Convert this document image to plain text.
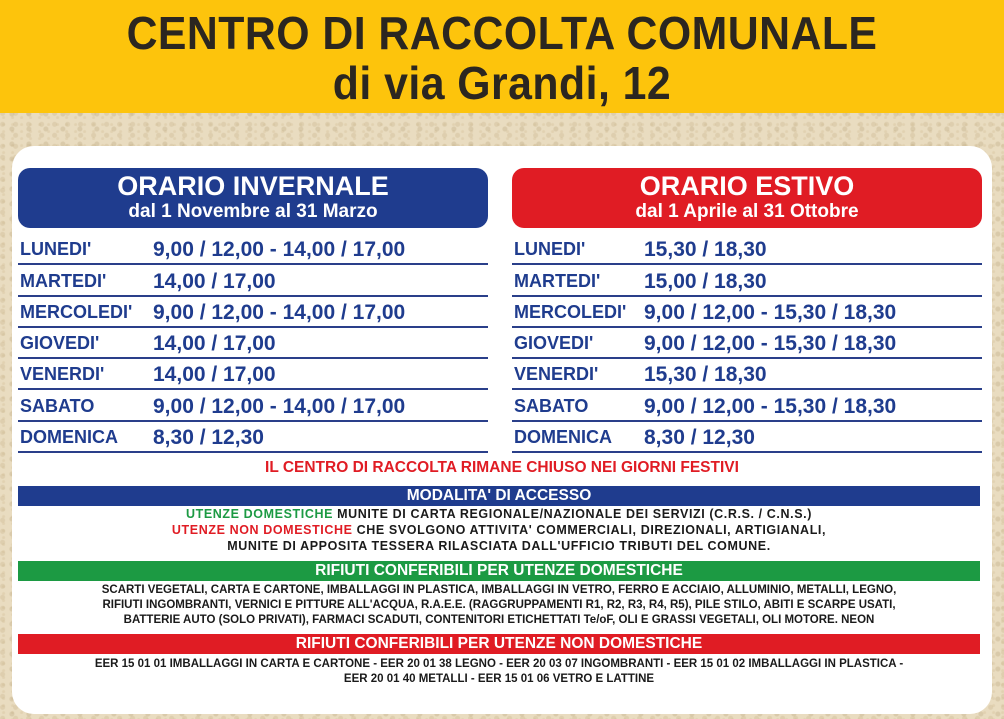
CENTRO DI RACCOLTA COMUNALE
di via Grandi, 12
ORARIO INVERNALE
dal 1 Novembre al 31 Marzo
ORARIO ESTIVO
dal 1 Aprile al 31 Ottobre
LUNEDI'	9,00 / 12,00 - 14,00 / 17,00
MARTEDI' 14,00 / 17,00
MERCOLEDI' 9,00 / 12,00 - 14,00 / 17,00
GIOVEDI'	14,00 / 17,00
VENERDI' 14,00 / 17,00
SABATO	9,00 / 12,00 - 14,00 / 17,00
DOMENICA 8,30 / 12,30
LUNEDI'	15,30 / 18,30
MARTEDI' 15,00 / 18,30
MERCOLEDI' 9,00 / 12,00 - 15,30 / 18,30
GIOVEDI' 9,00 / 12,00 - 15,30 / 18,30
VENERDI' 15,30 / 18,30
SABATO	9,00 / 12,00 - 15,30 / 18,30
DOMENICA 8,30 / 12,30
IL CENTRO DI RACCOLTA RIMANE CHIUSO NEI GIORNI FESTIVI
MODALITA' DI ACCESSO
UTENZE DOMESTICHE MUNITE DI CARTA REGIONALE/NAZIONALE DEI SERVIZI (C.R.S. / C.N.S.)
UTENZE NON DOMESTICHE CHE SVOLGONO ATTIVITA' COMMERCIALI, DIREZIONALI, ARTIGIANALI,
MUNITE DI APPOSITA TESSERA RILASCIATA DALL'UFFICIO TRIBUTI DEL COMUNE.
RIFIUTI CONFERIBILI PER UTENZE DOMESTICHE
SCARTI VEGETALI, CARTA E CARTONE, IMBALLAGGI IN PLASTICA, IMBALLAGGI IN VETRO, FERRO E ACCIAIO, ALLUMINIO, METALLI, LEGNO,
RIFIUTI INGOMBRANTI, VERNICI E PITTURE ALL'ACQUA, R.A.E.E. (RAGGRUPPAMENTI R1, R2, R3, R4, R5), PILE STILO, ABITI E SCARPE USATI,
BATTERIE AUTO (SOLO PRIVATI), FARMACI SCADUTI, CONTENITORI ETICHETTATI Te/oF, OLI E GRASSI VEGETALI, OLI MOTORE. NEON
RIFIUTI CONFERIBILI PER UTENZE NON DOMESTICHE
EER 15 01 01 IMBALLAGGI IN CARTA E CARTONE - EER 20 01 38 LEGNO - EER 20 03 07 INGOMBRANTI - EER 15 01 02 IMBALLAGGI IN PLASTICA -
EER 20 01 40 METALLI - EER 15 01 06 VETRO E LATTINE
